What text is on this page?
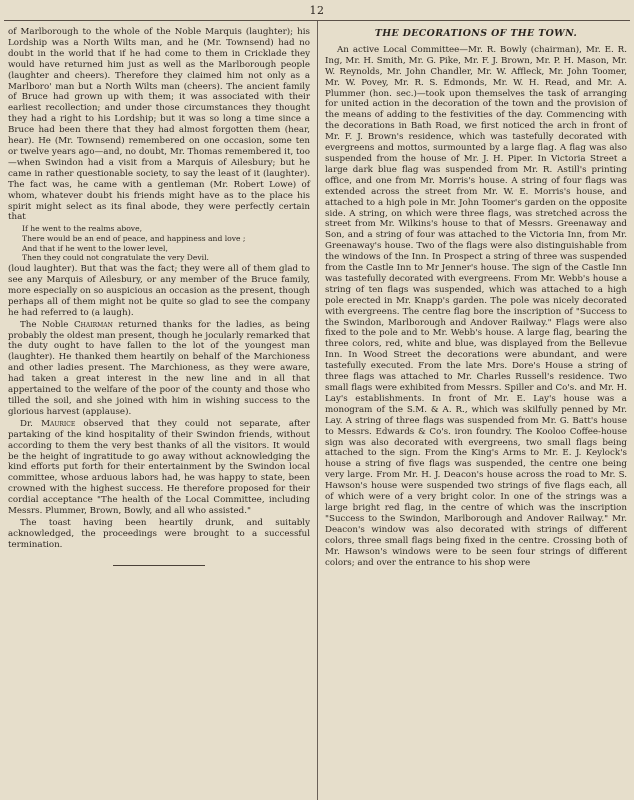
12

of Marlborough to the whole of the Noble Marquis (laughter); his Lordship was a North Wilts man, and he (Mr. Townsend) had no doubt in the world that if he had come to them in Cricklade they would have returned him just as well as the Marlborough people (laughter and cheers). Therefore they claimed him not only as a Marlboro' man but a North Wilts man (cheers). The ancient family of Bruce had grown up with them; it was associated with their earliest recollection; and under those circumstances they thought they had a right to his Lordship; but it was so long a time since a Bruce had been there that they had almost forgotten them (hear, hear). He (Mr. Townsend) remembered on one occasion, some ten or twelve years ago—and, no doubt, Mr. Thomas remembered it, too—when Swindon had a visit from a Marquis of Ailesbury; but he came in rather questionable society, to say the least of it (laughter). The fact was, he came with a gentleman (Mr. Robert Lowe) of whom, whatever doubt his friends might have as to the place his spirit might select as its final abode, they were perfectly certain that

If he went to the realms above,
There would be an end of peace, and happiness and love ;
And that if he went to the lower level,
Then they could not congratulate the very Devil.

(loud laughter). But that was the fact; they were all of them glad to see any Marquis of Ailesbury, or any member of the Bruce family, more especially on so auspicious an occasion as the present, though perhaps all of them might not be quite so glad to see the company he had referred to (a laugh).

The Noble Chairman returned thanks for the ladies, as being probably the oldest man present, though he jocularly remarked that the duty ought to have fallen to the lot of the youngest man (laughter). He thanked them heartily on behalf of the Marchioness and other ladies present. The Marchioness, as they were aware, had taken a great interest in the new line and in all that appertained to the welfare of the poor of the county and those who tilled the soil, and she joined with him in wishing success to the glorious harvest (applause).

Dr. Maurice observed that they could not separate, after partaking of the kind hospitality of their Swindon friends, without according to them the very best thanks of all the visitors. It would be the height of ingratitude to go away without acknowledging the kind efforts put forth for their entertainment by the Swindon local committee, whose arduous labors had, he was happy to state, been crowned with the highest success. He therefore proposed for their cordial acceptance "The health of the Local Committee, including Messrs. Plummer, Brown, Bowly, and all who assisted."

The toast having been heartily drunk, and suitably acknowledged, the proceedings were brought to a successful termination.

THE DECORATIONS OF THE TOWN.

An active Local Committee—Mr. R. Bowly (chairman), Mr. E. R. Ing, Mr. H. Smith, Mr. G. Pike, Mr. F. J. Brown, Mr. P. H. Mason, Mr. W. Reynolds, Mr. John Chandler, Mr. W. Affleck, Mr. John Toomer, Mr. W. Povey, Mr. R. S. Edmonds, Mr. W. H. Read, and Mr. A. Plummer (hon. sec.)—took upon themselves the task of arranging for united action in the decoration of the town and the provision of the means of adding to the festivities of the day. Commencing with the decorations in Bath Road, we first noticed the arch in front of Mr. F. J. Brown's residence, which was tastefully decorated with evergreens and mottos, surmounted by a large flag. A flag was also suspended from the house of Mr. J. H. Piper. In Victoria Street a large dark blue flag was suspended from Mr. R. Astill's printing office, and one from Mr. Morris's house. A string of four flags was extended across the street from Mr. W. E. Morris's house, and attached to a high pole in Mr. John Toomer's garden on the opposite side. A string, on which were three flags, was stretched across the street from Mr. Wilkins's house to that of Messrs. Greenaway and Son, and a string of four was attached to the Victoria Inn, from Mr. Greenaway's house. Two of the flags were also distinguishable from the windows of the Inn. In Prospect a string of three was suspended from the Castle Inn to Mr Jenner's house. The sign of the Castle Inn was tastefully decorated with evergreens. From Mr. Webb's house a string of ten flags was suspended, which was attached to a high pole erected in Mr. Knapp's garden. The pole was nicely decorated with evergreens. The centre flag bore the inscription of "Success to the Swindon, Marlborough and Andover Railway." Flags were also fixed to the pole and to Mr. Webb's house. A large flag, bearing the three colors, red, white and blue, was displayed from the Bellevue Inn. In Wood Street the decorations were abundant, and were tastefully executed. From the late Mrs. Dore's House a string of three flags was attached to Mr. Charles Russell's residence. Two small flags were exhibited from Messrs. Spiller and Co's. and Mr. H. Lay's establishments. In front of Mr. E. Lay's house was a monogram of the S.M. & A. R., which was skilfully penned by Mr. Lay. A string of three flags was suspended from Mr. G. Batt's house to Messrs. Edwards & Co's. iron foundry. The Kooloo Coffee-house sign was also decorated with evergreens, two small flags being attached to the sign. From the King's Arms to Mr. E. J. Keylock's house a string of five flags was suspended, the centre one being very large. From Mr. H. J. Deacon's house across the road to Mr. S. Hawson's house were suspended two strings of five flags each, all of which were of a very bright color. In one of the strings was a large bright red flag, in the centre of which was the inscription "Success to the Swindon, Marlborough and Andover Railway." Mr. Deacon's window was also decorated with strings of different colors, three small flags being fixed in the centre. Crossing both of Mr. Hawson's windows were to be seen four strings of different colors; and over the entrance to his shop were
